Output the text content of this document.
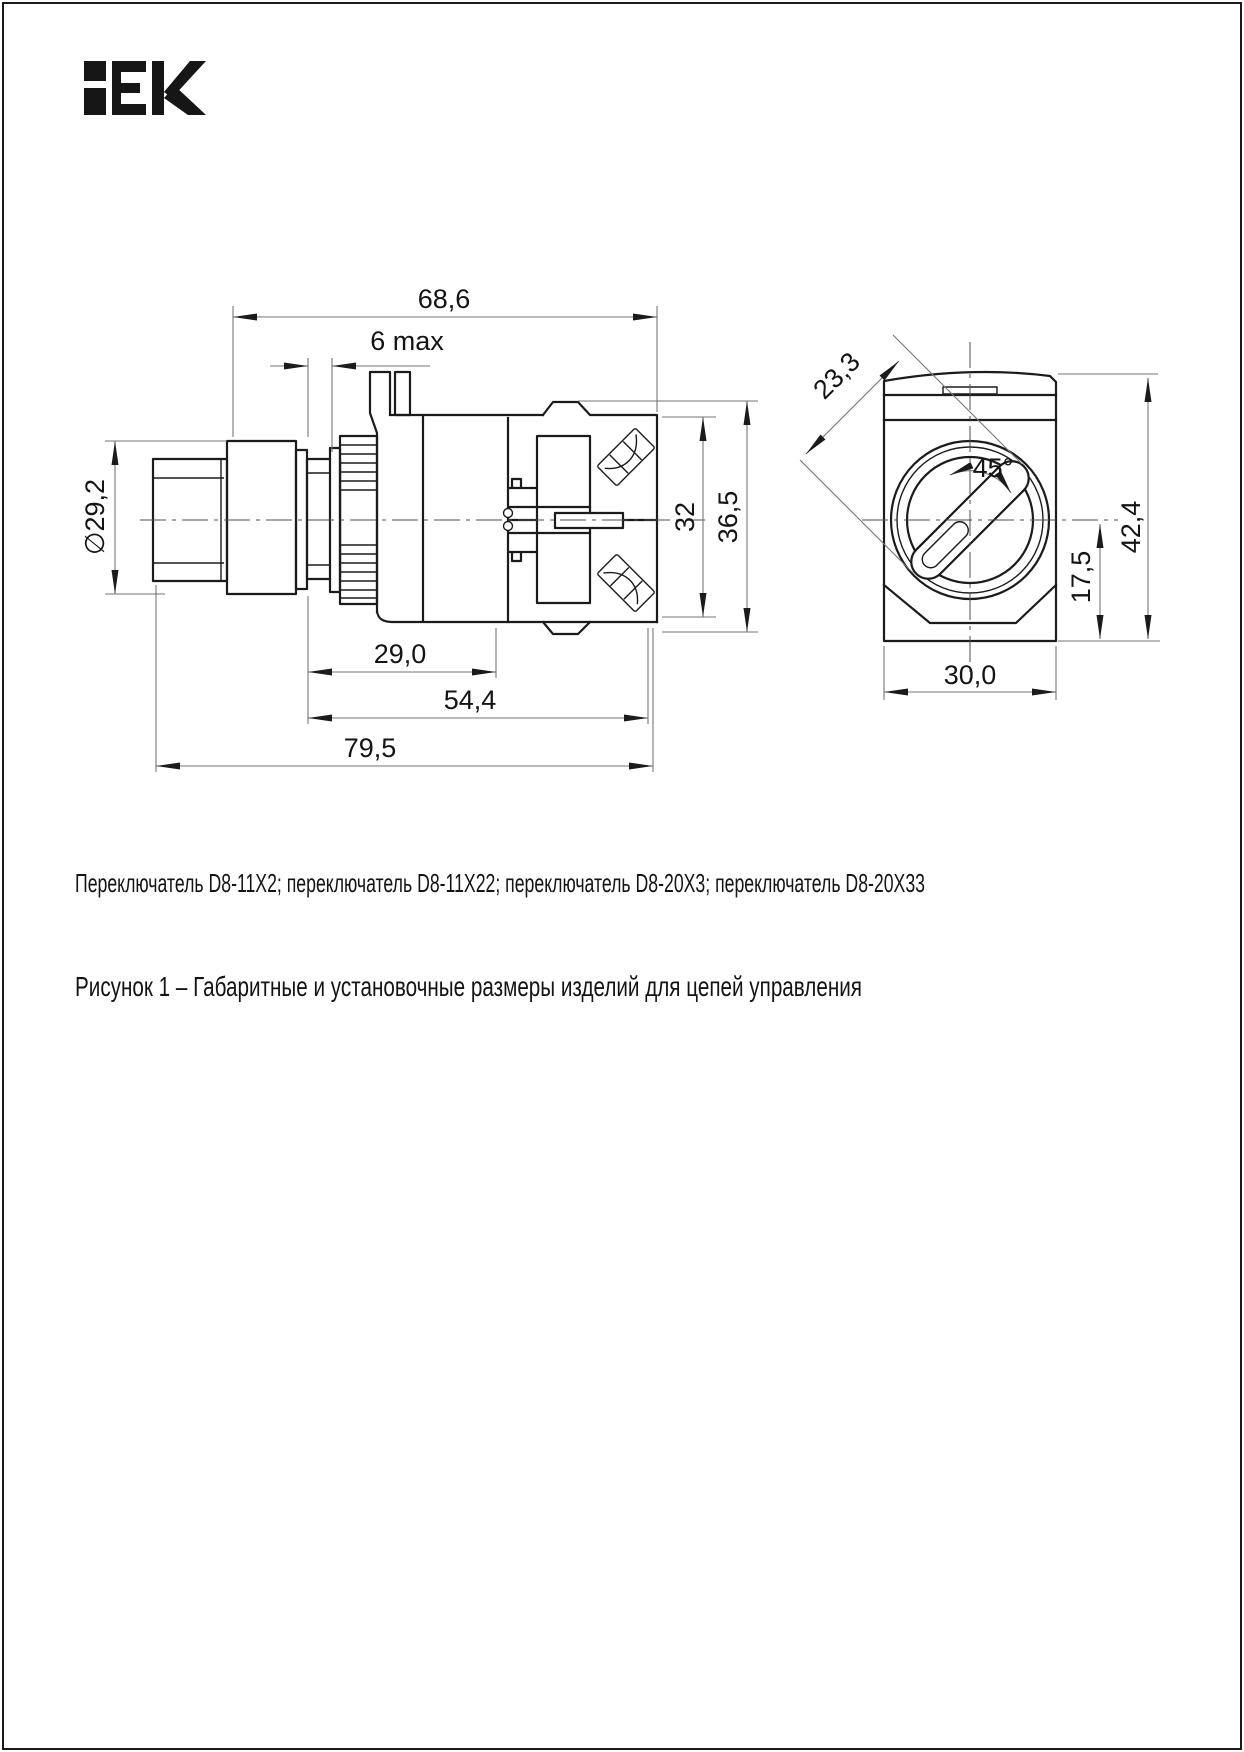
68,6
6 max
∅29,2	32 36,5
29,0
54,4
79,5
45°
23,3
17,5
42,4
30,0
Переключатель D8-11X2; переключатель D8-11X22; переключатель D8-20X3; переключатель D8-20X33
Рисунок 1 – Габаритные и установочные размеры изделий для цепей управления
